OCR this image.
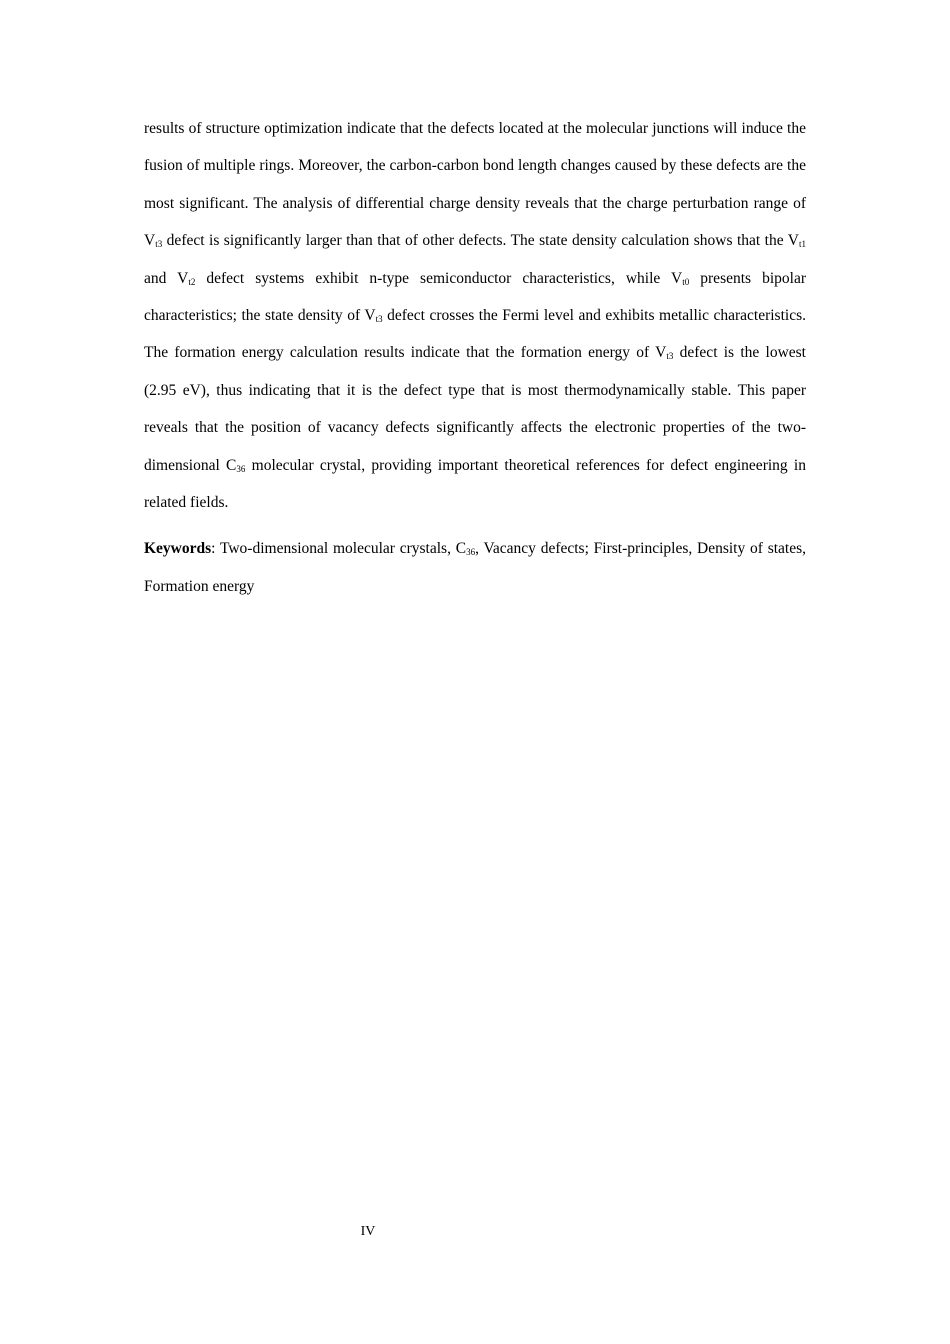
results of structure optimization indicate that the defects located at the molecular junctions will induce the fusion of multiple rings. Moreover, the carbon-carbon bond length changes caused by these defects are the most significant. The analysis of differential charge density reveals that the charge perturbation range of $V_{t3}$ defect is significantly larger than that of other defects. The state density calculation shows that the $V_{t1}$ and $V_{t2}$ defect systems exhibit n-type semiconductor characteristics, while $V_{t0}$ presents bipolar characteristics; the state density of $V_{t3}$ defect crosses the Fermi level and exhibits metallic characteristics. The formation energy calculation results indicate that the formation energy of $V_{t3}$ defect is the lowest (2.95 eV), thus indicating that it is the defect type that is most thermodynamically stable. This paper reveals that the position of vacancy defects significantly affects the electronic properties of the two-dimensional $C_{36}$ molecular crystal, providing important theoretical references for defect engineering in related fields.

Keywords: Two-dimensional molecular crystals, $C_{36}$, Vacancy defects; First-principles, Density of states, Formation energy

IV
